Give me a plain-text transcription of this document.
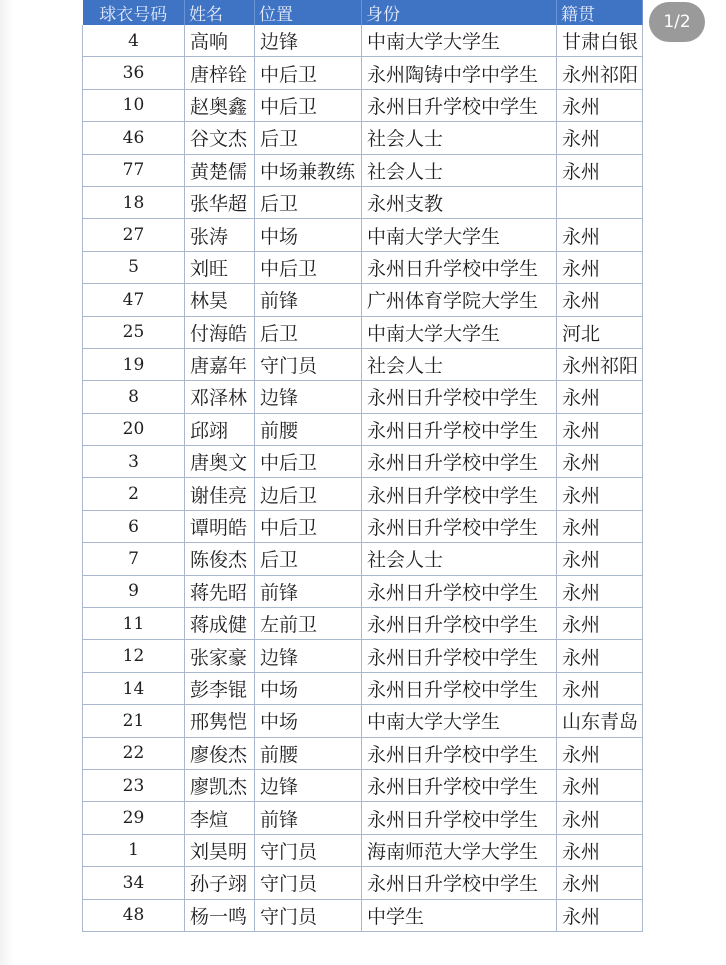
球衣号码	姓名	位置	身份	籍贯
4	高响	边锋	中南大学大学生	甘肃白银
36	唐梓铨	中后卫	永州陶铸中学中学生	永州祁阳
10	赵奥鑫	中后卫	永州日升学校中学生	永州
46	谷文杰	后卫	社会人士	永州
77	黄楚儒	中场兼教练	社会人士	永州
18	张华超	后卫	永州支教	
27	张涛	中场	中南大学大学生	永州
5	刘旺	中后卫	永州日升学校中学生	永州
47	林昊	前锋	广州体育学院大学生	永州
25	付海皓	后卫	中南大学大学生	河北
19	唐嘉年	守门员	社会人士	永州祁阳
8	邓泽林	边锋	永州日升学校中学生	永州
20	邱翊	前腰	永州日升学校中学生	永州
3	唐奥文	中后卫	永州日升学校中学生	永州
2	谢佳亮	边后卫	永州日升学校中学生	永州
6	谭明皓	中后卫	永州日升学校中学生	永州
7	陈俊杰	后卫	社会人士	永州
9	蒋先昭	前锋	永州日升学校中学生	永州
11	蒋成健	左前卫	永州日升学校中学生	永州
12	张家豪	边锋	永州日升学校中学生	永州
14	彭李锟	中场	永州日升学校中学生	永州
21	邢隽恺	中场	中南大学大学生	山东青岛
22	廖俊杰	前腰	永州日升学校中学生	永州
23	廖凯杰	边锋	永州日升学校中学生	永州
29	李煊	前锋	永州日升学校中学生	永州
1	刘昊明	守门员	海南师范大学大学生	永州
34	孙子翊	守门员	永州日升学校中学生	永州
48	杨一鸣	守门员	中学生	永州
1/2
